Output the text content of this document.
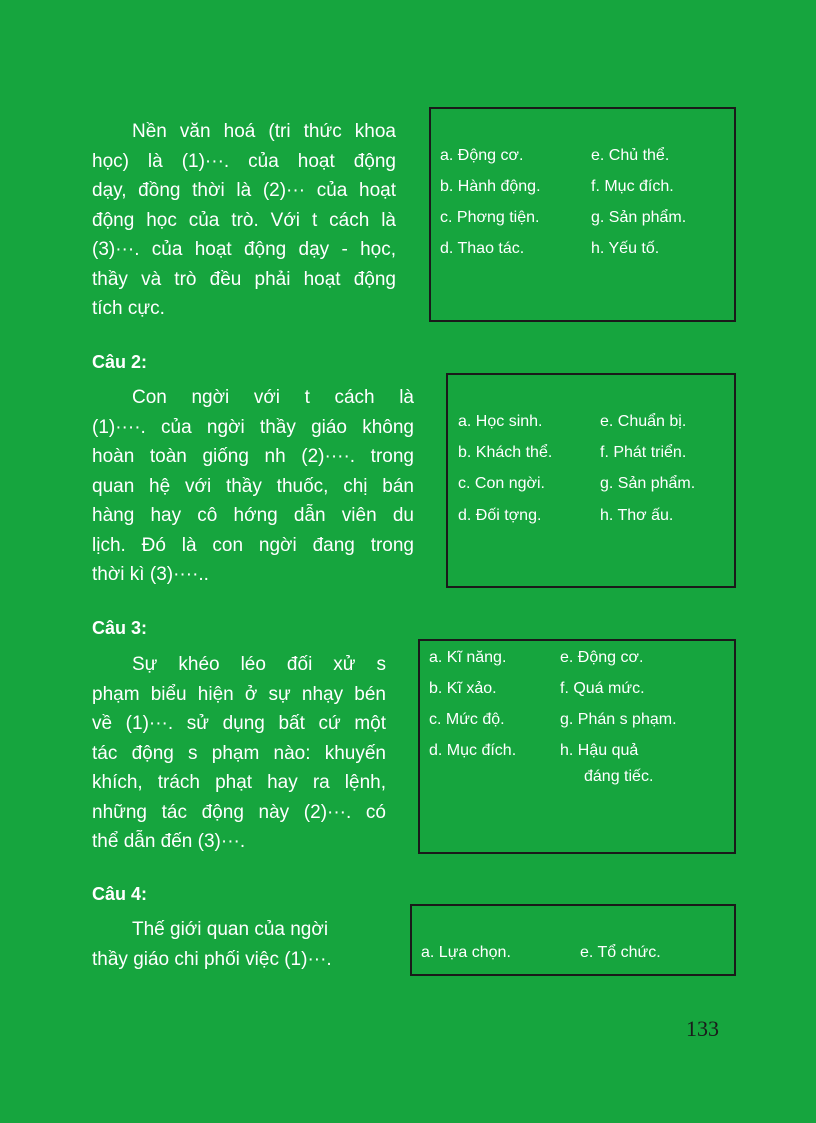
Nền văn hoá (tri thức khoa
học) là (1)···. của hoạt động
dạy, đồng thời là (2)··· của hoạt
động học của trò. Với t cách là
(3)···. của hoạt động dạy - học,
thầy và trò đều phải hoạt động
tích cực.
a. Động cơ.
b. Hành động.
c. Phơng tiện.
d. Thao tác.
e. Chủ thể.
f. Mục đích.
g. Sản phẩm.
h. Yếu tố.
Câu 2:
Con ngời với t cách là
(1)····. của ngời thầy giáo không
hoàn toàn giống nh (2)····. trong
quan hệ với thầy thuốc, chị bán
hàng hay cô hớng dẫn viên du
lịch. Đó là con ngời đang trong
thời kì (3)····..
a. Học sinh.
b. Khách thể.
c. Con ngời.
d. Đối tợng.
e. Chuẩn bị.
f. Phát triển.
g. Sản phẩm.
h. Thơ ấu.
Câu 3:
Sự khéo léo đối xử s
phạm biểu hiện ở sự nhạy bén
về (1)···. sử dụng bất cứ một
tác động s phạm nào: khuyến
khích, trách phạt hay ra lệnh,
những tác động này (2)···. có
thể dẫn đến (3)···.
a. Kĩ năng.
b. Kĩ xảo.
c. Mức độ.
d. Mục đích.
e. Động cơ.
f. Quá mức.
g. Phán s phạm.
h. Hậu quả
đáng tiếc.
Câu 4:
Thế giới quan của ngời
thầy giáo chi phối việc (1)···.	a. Lựa chọn.	e. Tổ chức.
133
